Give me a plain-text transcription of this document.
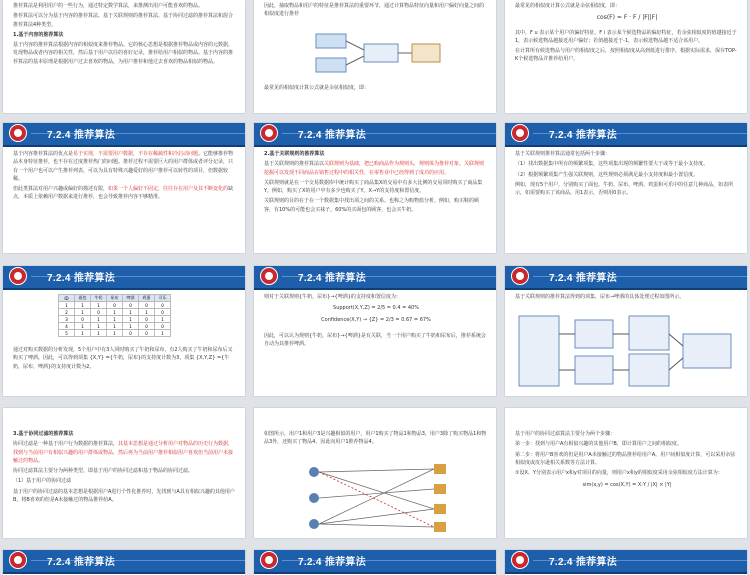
推荐算法是利用用户的一些行为，通过特定数学算法，来推测出用户可能喜欢的物品。

推荐算法可以分为基于内容的推荐算法、基于关联规则的推荐算法、基于协同过滤的推荐算法和混合推荐算法4种类型。

1.基于内容的推荐算法

基于内容的推荐算法根据内容的相似度来推荐物品。它的核心思想是根据推荐物品或内容的元数据，发现物品或者内容的相关性，然后基于用户以往的喜好记录，推荐给用户相似的物品。基于内容的推荐算法的基本原理是根据用户过去喜欢的物品，为用户推荐和他过去喜欢的物品相似的物品。

因此，抽取物品和用户的特征是推荐算法的重要环节，通过计算物品特征向量和用户偏好向量之间的相似度进行推荐

最常见的相似度计算公式就是余弦相似度，即：

最常见的相似度计算公式就是余弦相似度，即：

cos(F) = F · F / |F||F|

其中，F u 表示某个用户的偏好特征，F i 表示某个候选物品的偏好特征，若余弦相似度的值越接近于1，表示候选物品越接近用户偏好；若值越接近于-1，表示候选物品越不适合该用户。

在计算所有候选物品与用户的相似度之后，按照相似度从高到低进行排序，根据实际需求，保存TOP-K个候选物品并推荐给用户。

7.2.4 推荐算法

基于内容推荐算法的优点是易于实现，不需要用户数据，不存在稀疏性和冷启动问题。它能够推荐物品本身特征推荐，也不存在过度推荐热门的问题。推荐过程不需要巨大的用户群体或者评分记录，只有一个用户也可以产生推荐列表，可以为具有特殊兴趣爱好的用户推荐可以转性的项目，但数据较稀。

但此类算法对用户兴趣或偏好的描述有限，如果一个人偏好不固定，往往存在用户及其不断变化的缺点，本质上依赖用户数据来进行推荐，也会导致推荐内容不够精准。

7.2.4 推荐算法

2.基于关联规则的推荐算法

基于关联规则的推荐算法以关联规则为基础，把已购商品作为规则头，规则体为推荐对象。关联规则挖掘可以发现不同商品在销售过程中的相关性，在零售业中已经得到了成功的应用。

关联规则就是在一个交易数据库中统计购买了商品集X的交易中有多大比例的交易同时购买了商品集Y。例如，购买了X的用户中有多少也购买了Y。X→Y的支持度和置信度。

关联规则的目的在于在一个数据集中找出项之间的关系。也称之为购物篮分析。例如，购买鞋的顾客，有10%的可能也会买袜子，60%的买面包的顾客，也会买牛奶。

7.2.4 推荐算法

基于关联规则推荐算法通常包括两个步骤：

（1）找出数据集中所有的频繁项集，这些项集出现的频繁性要大于或等于最小支持度。

（2）根据频繁项集产生强关联规则，这些规则必须满足最小支持度和最小置信度。

例如，现有5个用户，分别购买了面包、牛奶、尿布、啤酒、鸡蛋和可乐中的任意几种商品，如表所示，如需要购买了该商品，用1表示，否则用0表示。

7.2.4 推荐算法
ID	面包	牛奶	尿布	啤酒	鸡蛋	可乐
1	1	1	0	0	0	0
2	1	0	1	1	1	0
3	0	1	1	1	0	1
4	1	1	1	1	0	0
5	1	1	1	0	0	1

通过对购买数据的分析发现，5个用户中有3人同时购买了牛奶和尿布，有2人购买了牛奶和尿布后又购买了啤酒。因此，可以得到项集 {X,Y} ={牛奶，尿布}的支持度计数为3，项集 {X,Y,Z} ={牛奶，尿布，啤酒}的支持度计数为2。

7.2.4 推荐算法

则对于关联规则{牛奶，尿布}→{啤酒}的支持度和置信度为：

Support(X,Y,Z) = 2/5 = 0.4 = 40%

Confidence(X,Y) → {Z} = 2/3 = 0.67 = 67%

因此，可以认为规则{牛奶，尿布}→{啤酒}是有关联，当一个用户购买了牛奶和尿布后，推荐系统会自动为其推荐啤酒。

7.2.4 推荐算法

基于关联规则的推荐算法得到的项集，尿布→啤酒的具体处理过程如图所示。

3.基于协同过滤的推荐算法

协同过滤是一种基于用户行为数据的推荐算法，其基本思想是通过分析用户对物品的历史行为数据，找到与当前用户有相似兴趣的用户群体或物品，然后再为当前用户推荐相似用户喜欢但当前用户未接触过的物品。

协同过滤算法主要分为两种类型，即基于用户的协同过滤和基于物品的协同过滤。

（1）基于用户的协同过滤

基于用户的协同过滤的基本思想是根据用户A进行个性化推荐时，先找到与A具有相似兴趣的其他用户B，将B喜欢的但是A未接触过的物品推荐给A。

如图所示，用户1和用户3是兴趣相似的用户，用户1购买了物品1和物品3，用户3除了购买物品1和物品3外，还购买了物品4，因此向用户1推荐物品4。

基于用户的协同过滤算法主要分为两个步骤：

第一步：找到与用户A有相似兴趣的其他用户B，即计算用户之间的相似度。

第二步：将用户B喜欢的但是用户A未接触过的物品推荐给用户A。用户间相似度计算，可以采用余弦相似度或皮尔逊相关系数等方法计算。

①设X、Y分别表示用户x和y对项目的向量，则用户x和y的相似度采用余弦相似度方法计算为：

sim(x,y) = cos(X,Y) = X·Y / |X| × |Y|

7.2.4 推荐算法	7.2.4 推荐算法	7.2.4 推荐算法
